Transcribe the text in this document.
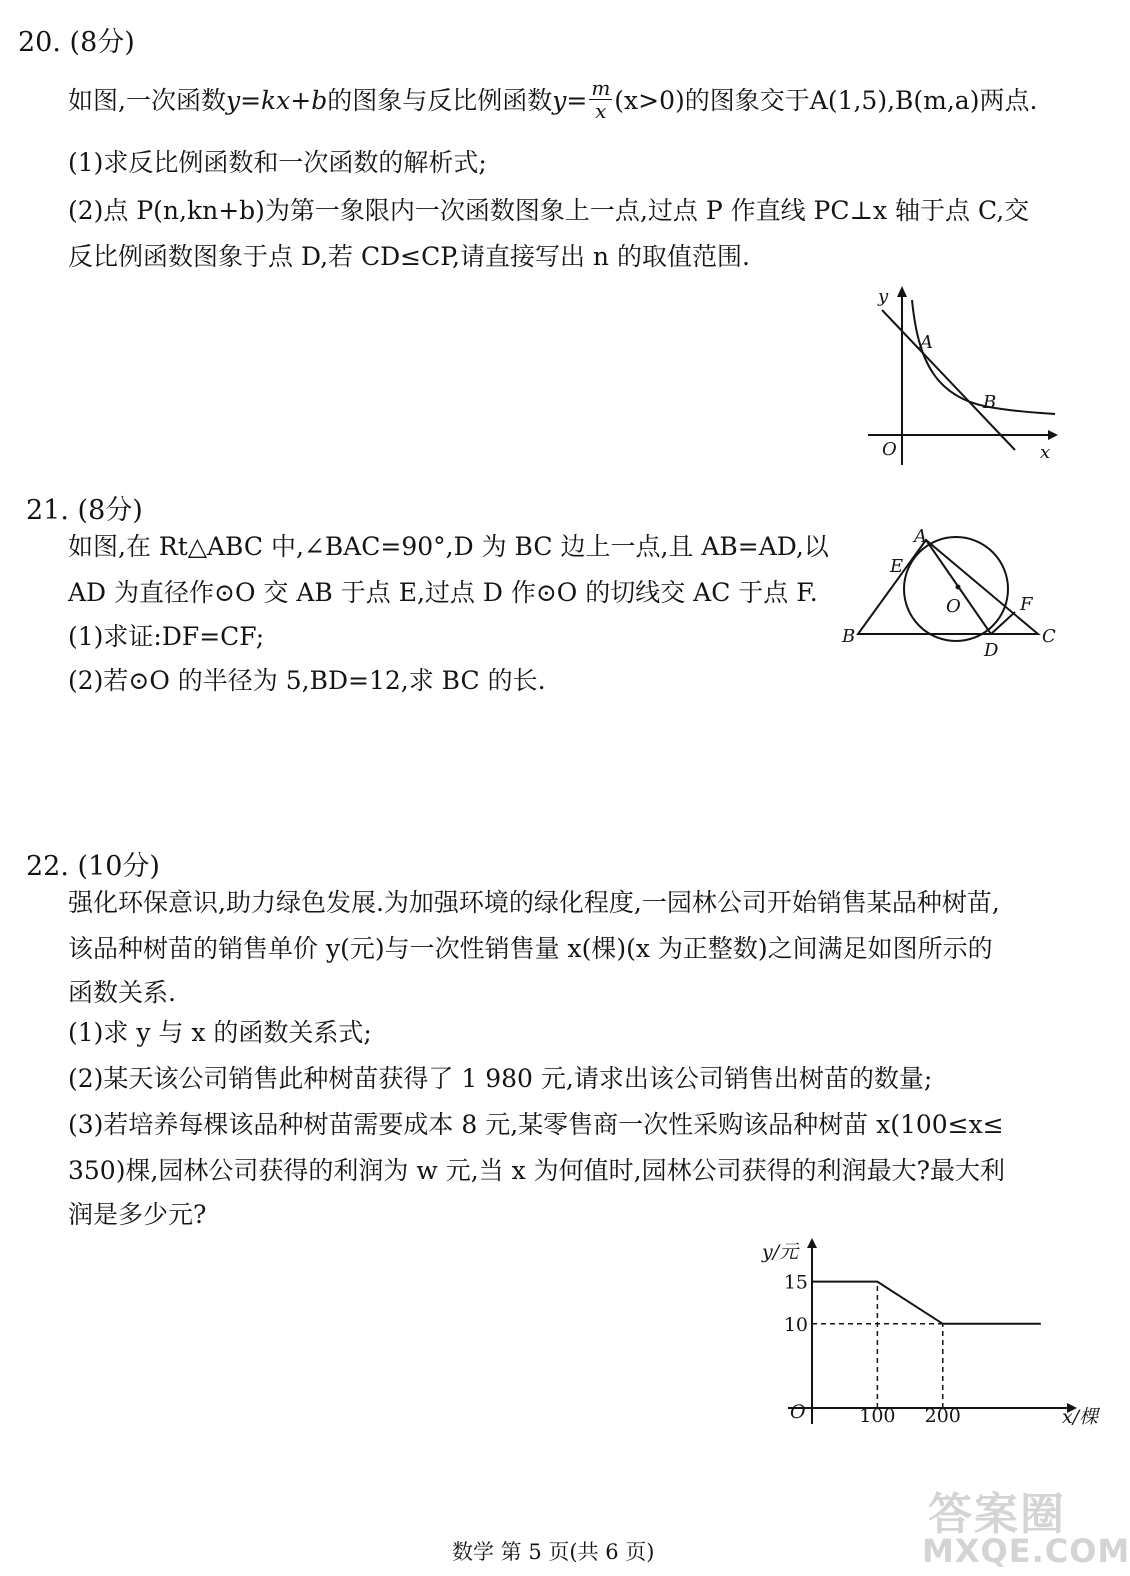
20. (8分)
如图,一次函数y=kx+b的图象与反比例函数$y= \frac{m}{x} (x>0)$的图象交于A(1,5),B(m,a)两点.
(1)求反比例函数和一次函数的解析式;
(2)点 P(n,kn+b)为第一象限内一次函数图象上一点,过点 P 作直线 PC⊥x 轴于点 C,交
反比例函数图象于点 D,若 CD≤CP,请直接写出 n 的取值范围.
y
x
O
A
B
21. (8分)
如图,在 Rt△ABC 中,∠BAC=90°,D 为 BC 边上一点,且 AB=AD,以
AD 为直径作⊙O 交 AB 于点 E,过点 D 作⊙O 的切线交 AC 于点 F.
(1)求证:DF=CF;
(2)若⊙O 的半径为 5,BD=12,求 BC 的长.
A
E
O	F
B
D
C
22. (10分)
强化环保意识,助力绿色发展.为加强环境的绿化程度,一园林公司开始销售某品种树苗,
该品种树苗的销售单价 y(元)与一次性销售量 x(棵)(x 为正整数)之间满足如图所示的
函数关系.
(1)求 y 与 x 的函数关系式;
(2)某天该公司销售此种树苗获得了 1 980 元,请求出该公司销售出树苗的数量;
(3)若培养每棵该品种树苗需要成本 8 元,某零售商一次性采购该品种树苗 x(100≤x≤
350)棵,园林公司获得的利润为 w 元,当 x 为何值时,园林公司获得的利润最大?最大利
润是多少元?
y/元
x/棵
O	100 200
15
10
数学 第 5 页(共 6 页)
答案圈
MXQE.COM
